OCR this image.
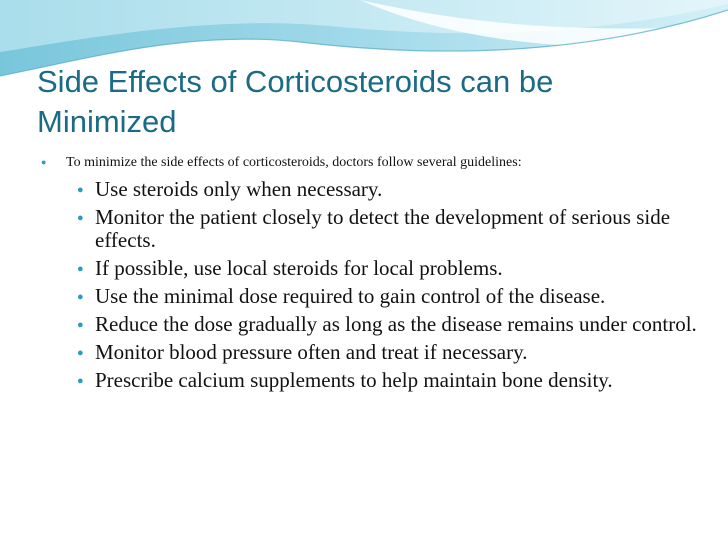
Side Effects of Corticosteroids can be Minimized
● To minimize the side effects of corticosteroids, doctors follow several guidelines:
● Use steroids only when necessary.
● Monitor the patient closely to detect the development of serious side effects.
● If possible, use local steroids for local problems.
● Use the minimal dose required to gain control of the disease.
● Reduce the dose gradually as long as the disease remains under control.
● Monitor blood pressure often and treat if necessary.
● Prescribe calcium supplements to help maintain bone density.
